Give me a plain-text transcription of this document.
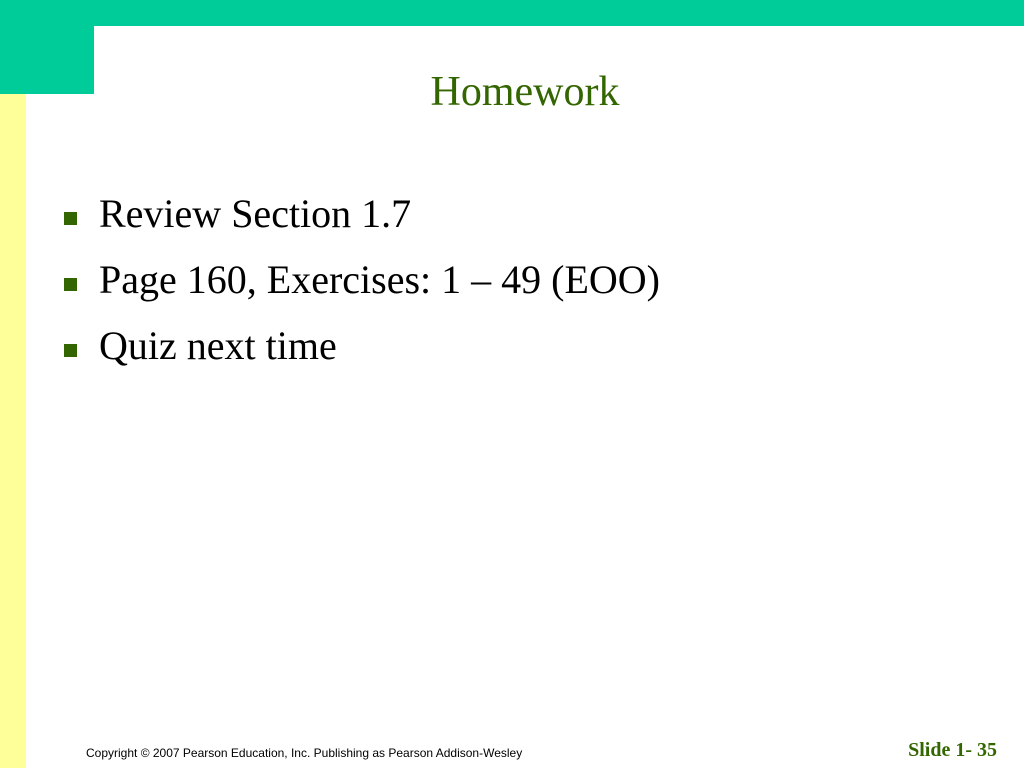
Homework
Review Section 1.7
Page 160, Exercises: 1 – 49 (EOO)
Quiz next time
Copyright © 2007 Pearson Education, Inc. Publishing as Pearson Addison-Wesley	Slide 1- 35
